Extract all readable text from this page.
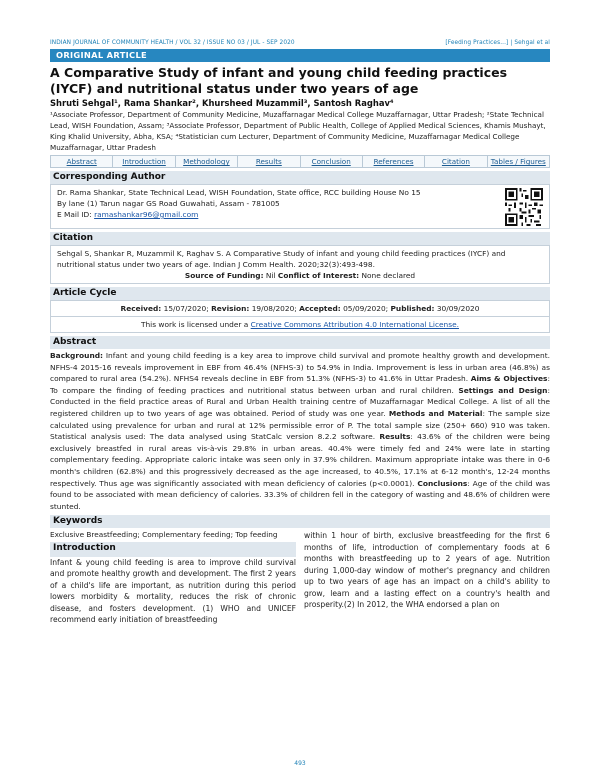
INDIAN JOURNAL OF COMMUNITY HEALTH / VOL 32 / ISSUE NO 03 / JUL - SEP 2020	[Feeding Practices...] | Sehgal et al
ORIGINAL ARTICLE
A Comparative Study of infant and young child feeding practices (IYCF) and nutritional status under two years of age
Shruti Sehgal¹, Rama Shankar², Khursheed Muzammil³, Santosh Raghav⁴
¹Associate Professor, Department of Community Medicine, Muzaffarnagar Medical College Muzaffarnagar, Uttar Pradesh; ²State Technical Lead, WISH Foundation, Assam; ³Associate Professor, Department of Public Health, College of Applied Medical Sciences, Khamis Mushayt, King Khalid University, Abha, KSA; ⁴Statistician cum Lecturer, Department of Community Medicine, Muzaffarnagar Medical College Muzaffarnagar, Uttar Pradesh
Abstract	Introduction	Methodology	Results	Conclusion	References	Citation	Tables / Figures
Corresponding Author
Dr. Rama Shankar, State Technical Lead, WISH Foundation, State office, RCC building House No 15
By lane (1) Tarun nagar GS Road Guwahati, Assam - 781005
E Mail ID: ramashankar96@gmail.com
Citation
Sehgal S, Shankar R, Muzammil K, Raghav S. A Comparative Study of infant and young child feeding practices (IYCF) and nutritional status under two years of age. Indian J Comm Health. 2020;32(3):493-498.
Source of Funding: Nil Conflict of Interest: None declared
Article Cycle
Received: 15/07/2020; Revision: 19/08/2020; Accepted: 05/09/2020; Published: 30/09/2020
This work is licensed under a Creative Commons Attribution 4.0 International License.
Abstract
Background: Infant and young child feeding is a key area to improve child survival and promote healthy growth and development. NFHS-4 2015-16 reveals improvement in EBF from 46.4% (NFHS-3) to 54.9% in India. Improvement is less in urban area (46.8%) as compared to rural area (54.2%). NFHS4 reveals decline in EBF from 51.3% (NFHS-3) to 41.6% in Uttar Pradesh. Aims & Objectives: To compare the finding of feeding practices and nutritional status between urban and rural children. Settings and Design: Conducted in the field practice areas of Rural and Urban Health training centre of Muzaffarnagar Medical College. A list of all the registered children up to two years of age was obtained. Period of study was one year. Methods and Material: The sample size calculated using prevalence for urban and rural at 12% permissible error of P. The total sample size (250+ 660) 910 was taken. Statistical analysis used: The data analysed using StatCalc version 8.2.2 software. Results: 43.6% of the children were being exclusively breastfed in rural areas vis-à-vis 29.8% in urban areas. 40.4% were timely fed and 24% were late in starting complementary feeding. Appropriate caloric intake was seen only in 37.9% children. Maximum appropriate intake was there in 0-6 month's children (62.8%) and this progressively decreased as the age increased, to 40.5%, 17.1% at 6-12 month's, 12-24 months respectively. Thus age was significantly associated with mean deficiency of calories (p<0.0001). Conclusions: Age of the child was found to be associated with mean deficiency of calories. 33.3% of children fell in the category of wasting and 48.6% of children were stunted.
Keywords
Exclusive Breastfeeding; Complementary feeding; Top feeding
Introduction
Infant & young child feeding is area to improve child survival and promote healthy growth and development. The first 2 years of a child's life are important, as nutrition during this period lowers morbidity & mortality, reduces the risk of chronic disease, and fosters development. (1) WHO and UNICEF recommend early initiation of breastfeeding
within 1 hour of birth, exclusive breastfeeding for the first 6 months of life, introduction of complementary foods at 6 months with breastfeeding up to 2 years of age. Nutrition during 1,000-day window of mother's pregnancy and children up to two years of age has an impact on a child's ability to grow, learn and a lasting effect on a country's health and prosperity.(2) In 2012, the WHA endorsed a plan on
493
